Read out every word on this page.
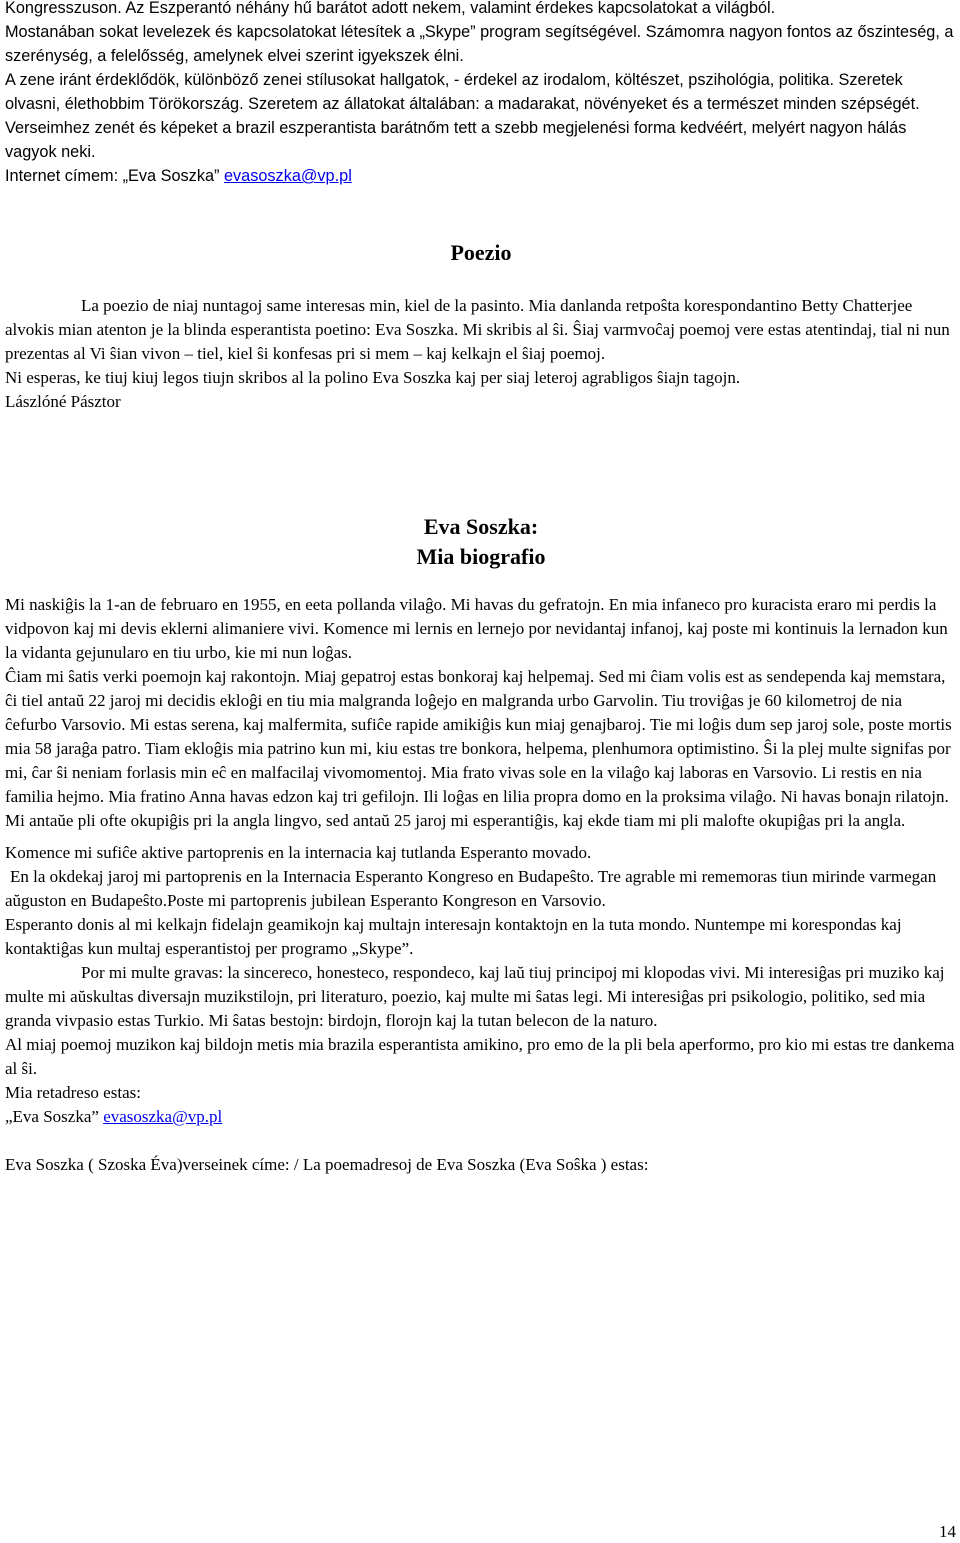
Kongresszuson. Az Eszperantó néhány hű barátot adott nekem, valamint érdekes kapcsolatokat a világból.

Mostanában sokat levelezek és kapcsolatokat létesítek a „Skype” program segítségével. Számomra nagyon fontos az őszinteség, a szerénység, a felelősség, amelynek elvei szerint igyekszek élni.

A zene iránt érdeklődök, különböző zenei stílusokat hallgatok, - érdekel az irodalom, költészet, pszihológia, politika. Szeretek olvasni, élethobbim Törökország. Szeretem az állatokat általában: a madarakat, növényeket és a természet minden szépségét.

Verseimhez zenét és képeket a brazil eszperantista barátnőm tett a szebb megjelenési forma kedvéért, melyért nagyon hálás vagyok neki.

Internet címem: „Eva Soszka” evasoszka@vp.pl

Poezio

La poezio de niaj nuntagoj same interesas min, kiel de la pasinto. Mia danlanda retpoŝta korespondantino Betty Chatterjee alvokis mian atenton je la blinda esperantista poetino: Eva Soszka. Mi skribis al ŝi. Ŝiaj varmvoĉaj poemoj vere estas atentindaj, tial ni nun prezentas al Vi ŝian vivon – tiel, kiel ŝi konfesas pri si mem – kaj kelkajn el ŝiaj poemoj.

Ni esperas, ke tiuj kiuj legos tiujn skribos al la polino Eva Soszka kaj per siaj leteroj agrabligos ŝiajn tagojn.

Lászlóné Pásztor

Eva Soszka:
Mia biografio

Mi naskiĝis la 1-an de februaro en 1955, en eeta pollanda vilaĝo. Mi havas du gefratojn. En mia infaneco pro kuracista eraro mi perdis la vidpovon kaj mi devis eklerni alimaniere vivi. Komence mi lernis en lernejo por nevidantaj infanoj, kaj poste mi kontinuis la lernadon kun la vidanta gejunularo en tiu urbo, kie mi nun loĝas.

Ĉiam mi ŝatis verki poemojn kaj rakontojn. Miaj gepatroj estas bonkoraj kaj helpemaj. Sed mi ĉiam volis est as sendependa kaj memstara, ĉi tiel antaŭ 22 jaroj mi decidis ekloĝi en tiu mia malgranda loĝejo en malgranda urbo Garvolin. Tiu troviĝas je 60 kilometroj de nia ĉefurbo Varsovio. Mi estas serena, kaj malfermita, sufiĉe rapide amikiĝis kun miaj genajbaroj. Tie mi loĝis dum sep jaroj sole, poste mortis mia 58 jaraĝa patro. Tiam ekloĝis mia patrino kun mi, kiu estas tre bonkora, helpema, plenhumora optimistino. Ŝi la plej multe signifas por mi, ĉar ŝi neniam forlasis min eĉ en malfacilaj vivomomentoj. Mia frato vivas sole en la vilaĝo kaj laboras en Varsovio. Li restis en nia familia hejmo. Mia fratino Anna havas edzon kaj tri gefilojn. Ili loĝas en lilia propra domo en la proksima vilaĝo. Ni havas bonajn rilatojn. Mi antaŭe pli ofte okupiĝis pri la angla lingvo, sed antaŭ 25 jaroj mi esperantiĝis, kaj ekde tiam mi pli malofte okupiĝas pri la angla.

Komence mi sufiĉe aktive partoprenis en la internacia kaj tutlanda Esperanto movado.

En la okdekaj jaroj mi partoprenis en la Internacia Esperanto Kongreso en Budapeŝto. Tre agrable mi rememoras tiun mirinde varmegan aŭguston en Budapeŝto.Poste mi partoprenis jubilean Esperanto Kongreson en Varsovio.

Esperanto donis al mi kelkajn fidelajn geamikojn kaj multajn interesajn kontaktojn en la tuta mondo. Nuntempe mi korespondas kaj kontaktiĝas kun multaj esperantistoj per programo „Skype”.

Por mi multe gravas: la sincereco, honesteco, respondeco, kaj laŭ tiuj principoj mi klopodas vivi. Mi interesiĝas pri muziko kaj multe mi aŭskultas diversajn muzikstilojn, pri literaturo, poezio, kaj multe mi ŝatas legi. Mi interesiĝas pri psikologio, politiko, sed mia granda vivpasio estas Turkio. Mi ŝatas bestojn: birdojn, florojn kaj la tutan belecon de la naturo.

Al miaj poemoj muzikon kaj bildojn metis mia brazila esperantista amikino, pro emo de la pli bela aperformo, pro kio mi estas tre dankema al ŝi.

Mia retadreso estas:

„Eva Soszka” evasoszka@vp.pl

Eva Soszka ( Szoska Éva)verseinek címe: / La poemadresoj de Eva Soszka (Eva Soŝka ) estas:

14
